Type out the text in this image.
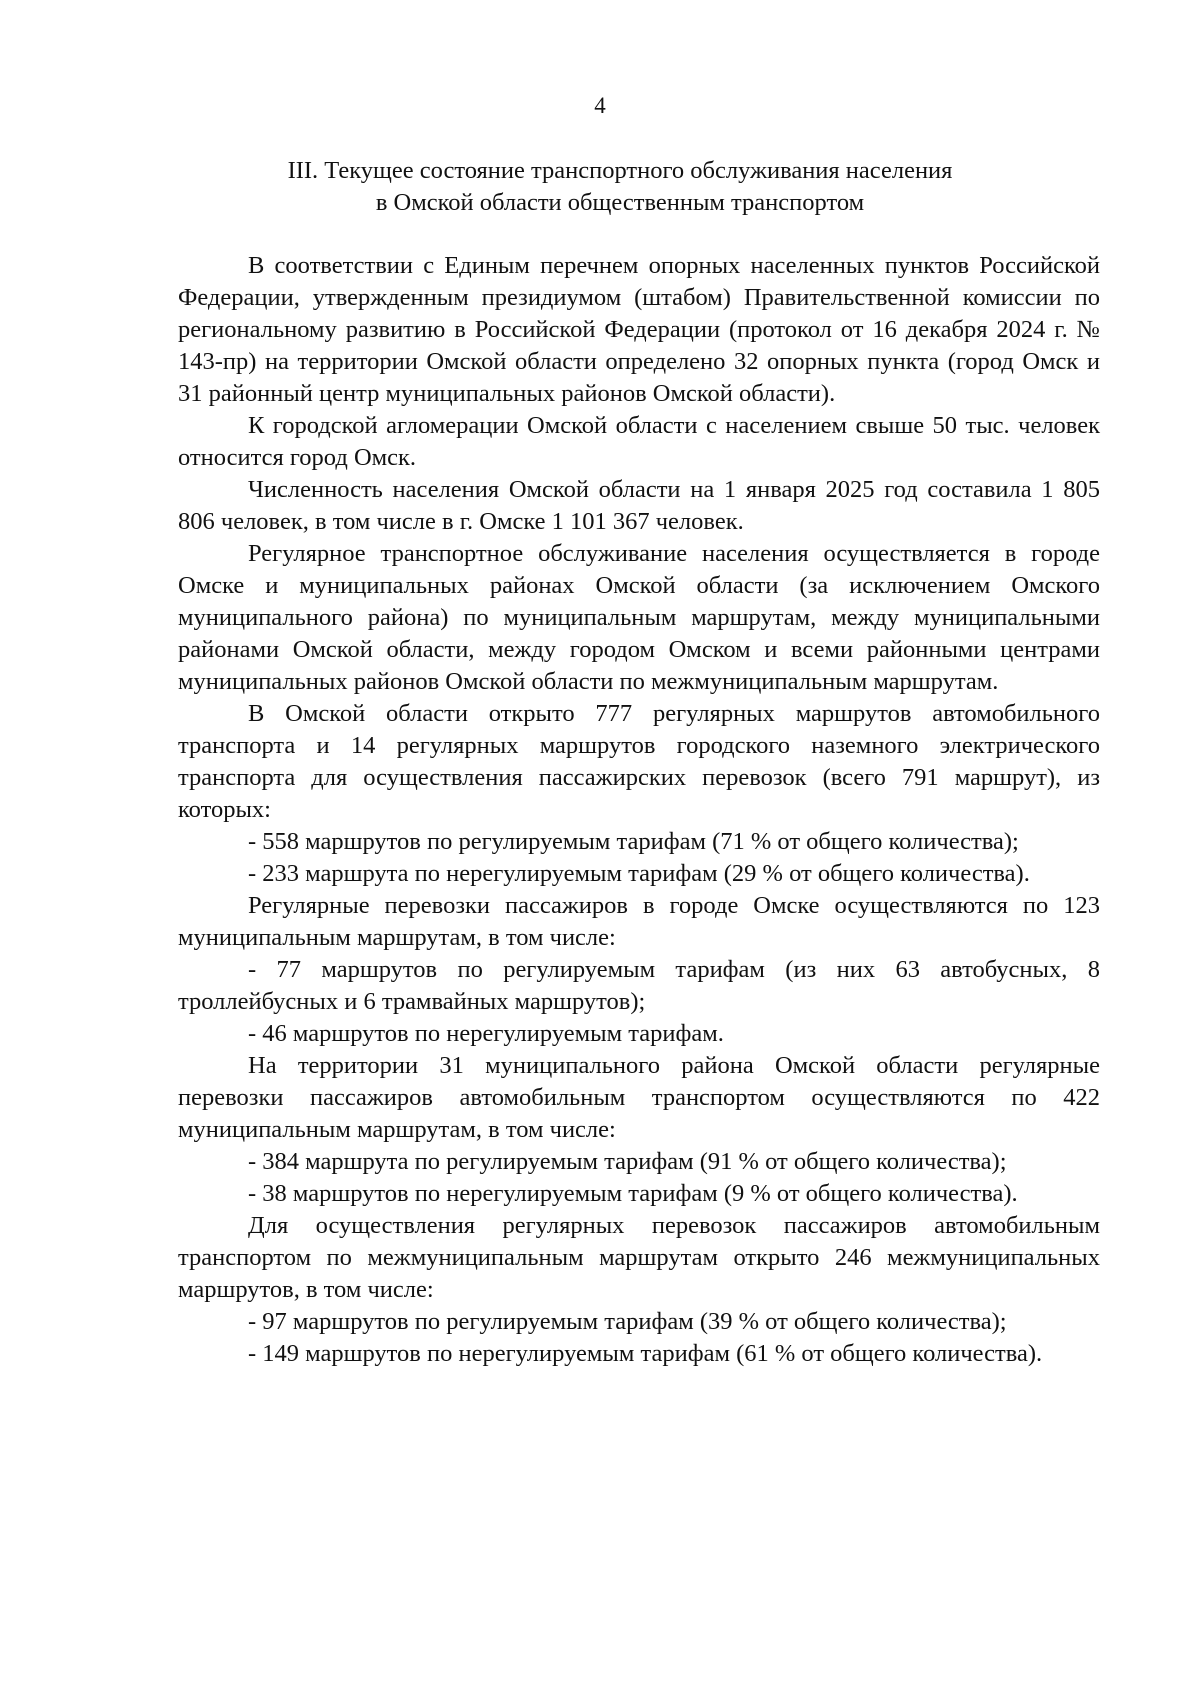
4
III. Текущее состояние транспортного обслуживания населения
в Омской области общественным транспортом

В соответствии с Единым перечнем опорных населенных пунктов Российской Федерации, утвержденным президиумом (штабом) Правительственной комиссии по региональному развитию в Российской Федерации (протокол от 16 декабря 2024 г. № 143-пр) на территории Омской области определено 32 опорных пункта (город Омск и 31 районный центр муниципальных районов Омской области).

К городской агломерации Омской области с населением свыше 50 тыс. человек относится город Омск.

Численность населения Омской области на 1 января 2025 год составила 1 805 806 человек, в том числе в г. Омске 1 101 367 человек.

Регулярное транспортное обслуживание населения осуществляется в городе Омске и муниципальных районах Омской области (за исключением Омского муниципального района) по муниципальным маршрутам, между муниципальными районами Омской области, между городом Омском и всеми районными центрами муниципальных районов Омской области по межмуниципальным маршрутам.

В Омской области открыто 777 регулярных маршрутов автомобильного транспорта и 14 регулярных маршрутов городского наземного электрического транспорта для осуществления пассажирских перевозок (всего 791 маршрут), из которых:

- 558 маршрутов по регулируемым тарифам (71 % от общего количества);

- 233 маршрута по нерегулируемым тарифам (29 % от общего количества).

Регулярные перевозки пассажиров в городе Омске осуществляются по 123 муниципальным маршрутам, в том числе:

- 77 маршрутов по регулируемым тарифам (из них 63 автобусных, 8 троллейбусных и 6 трамвайных маршрутов);

- 46 маршрутов по нерегулируемым тарифам.

На территории 31 муниципального района Омской области регулярные перевозки пассажиров автомобильным транспортом осуществляются по 422 муниципальным маршрутам, в том числе:

- 384 маршрута по регулируемым тарифам (91 % от общего количества);

- 38 маршрутов по нерегулируемым тарифам (9 % от общего количества).

Для осуществления регулярных перевозок пассажиров автомобильным транспортом по межмуниципальным маршрутам открыто 246 межмуниципальных маршрутов, в том числе:

- 97 маршрутов по регулируемым тарифам (39 % от общего количества);

- 149 маршрутов по нерегулируемым тарифам (61 % от общего количества).
